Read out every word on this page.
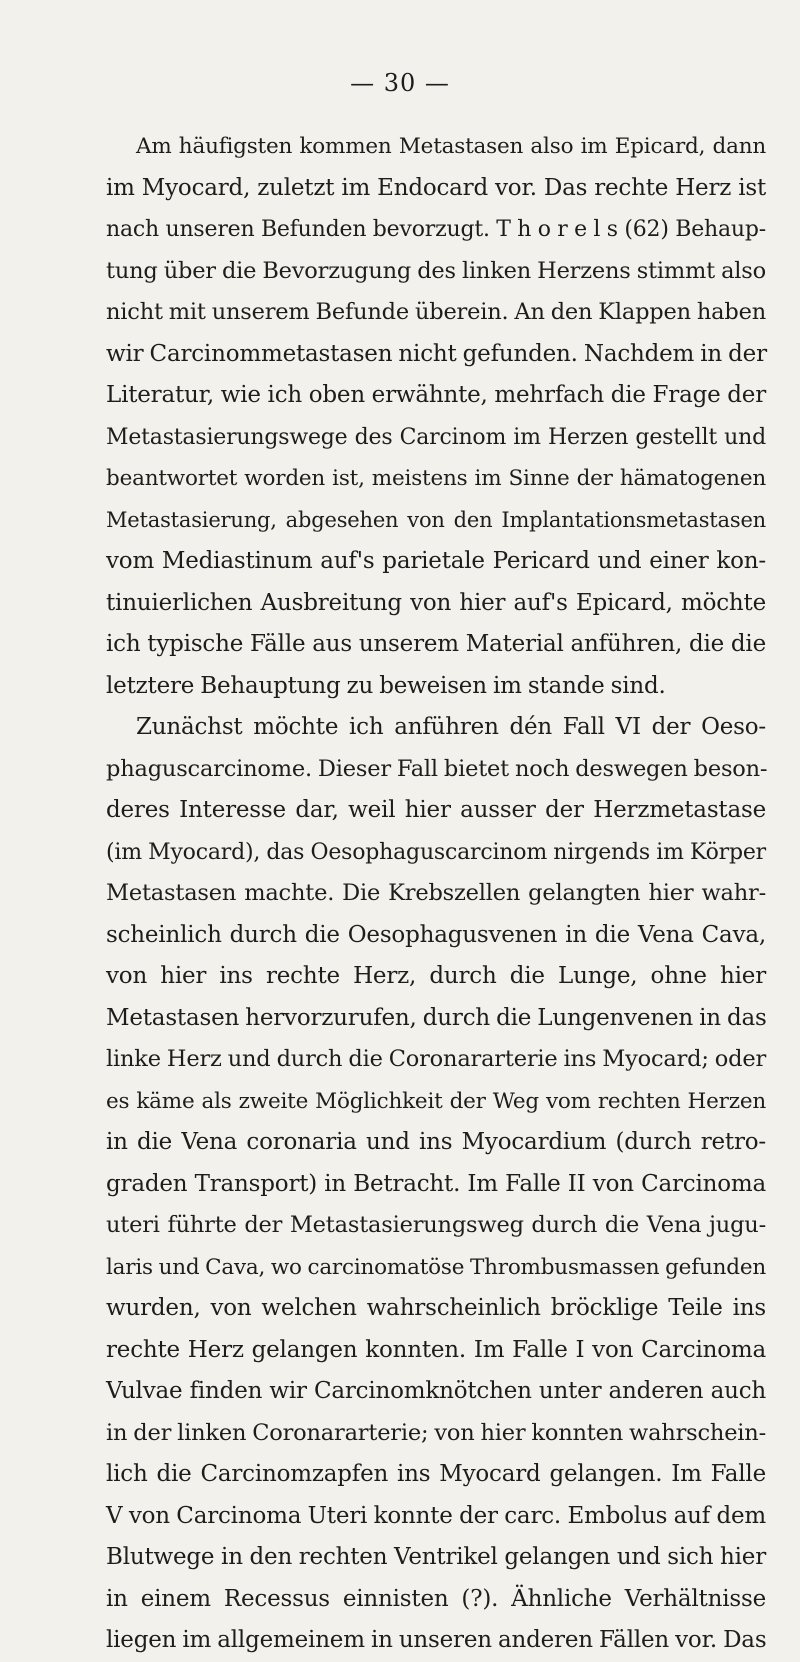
— 30 —
Am häufigsten kommen Metastasen also im Epicard, dann
im Myocard, zuletzt im Endocard vor. Das rechte Herz ist
nach unseren Befunden bevorzugt. T h o r e l s (62) Behaup-
tung über die Bevorzugung des linken Herzens stimmt also
nicht mit unserem Befunde überein. An den Klappen haben
wir Carcinommetastasen nicht gefunden. Nachdem in der
Literatur, wie ich oben erwähnte, mehrfach die Frage der
Metastasierungswege des Carcinom im Herzen gestellt und
beantwortet worden ist, meistens im Sinne der hämatogenen
Metastasierung, abgesehen von den Implantationsmetastasen
vom Mediastinum auf's parietale Pericard und einer kon-
tinuierlichen Ausbreitung von hier auf's Epicard, möchte
ich typische Fälle aus unserem Material anführen, die die
letztere Behauptung zu beweisen im stande sind.
Zunächst möchte ich anführen dén Fall VI der Oeso-
phaguscarcinome. Dieser Fall bietet noch deswegen beson-
deres Interesse dar, weil hier ausser der Herzmetastase
(im Myocard), das Oesophaguscarcinom nirgends im Körper
Metastasen machte. Die Krebszellen gelangten hier wahr-
scheinlich durch die Oesophagusvenen in die Vena Cava,
von hier ins rechte Herz, durch die Lunge, ohne hier
Metastasen hervorzurufen, durch die Lungenvenen in das
linke Herz und durch die Coronararterie ins Myocard; oder
es käme als zweite Möglichkeit der Weg vom rechten Herzen
in die Vena coronaria und ins Myocardium (durch retro-
graden Transport) in Betracht. Im Falle II von Carcinoma
uteri führte der Metastasierungsweg durch die Vena jugu-
laris und Cava, wo carcinomatöse Thrombusmassen gefunden
wurden, von welchen wahrscheinlich bröcklige Teile ins
rechte Herz gelangen konnten. Im Falle I von Carcinoma
Vulvae finden wir Carcinomknötchen unter anderen auch
in der linken Coronararterie; von hier konnten wahrschein-
lich die Carcinomzapfen ins Myocard gelangen. Im Falle
V von Carcinoma Uteri konnte der carc. Embolus auf dem
Blutwege in den rechten Ventrikel gelangen und sich hier
in einem Recessus einnisten (?). Ähnliche Verhältnisse
liegen im allgemeinem in unseren anderen Fällen vor. Das
